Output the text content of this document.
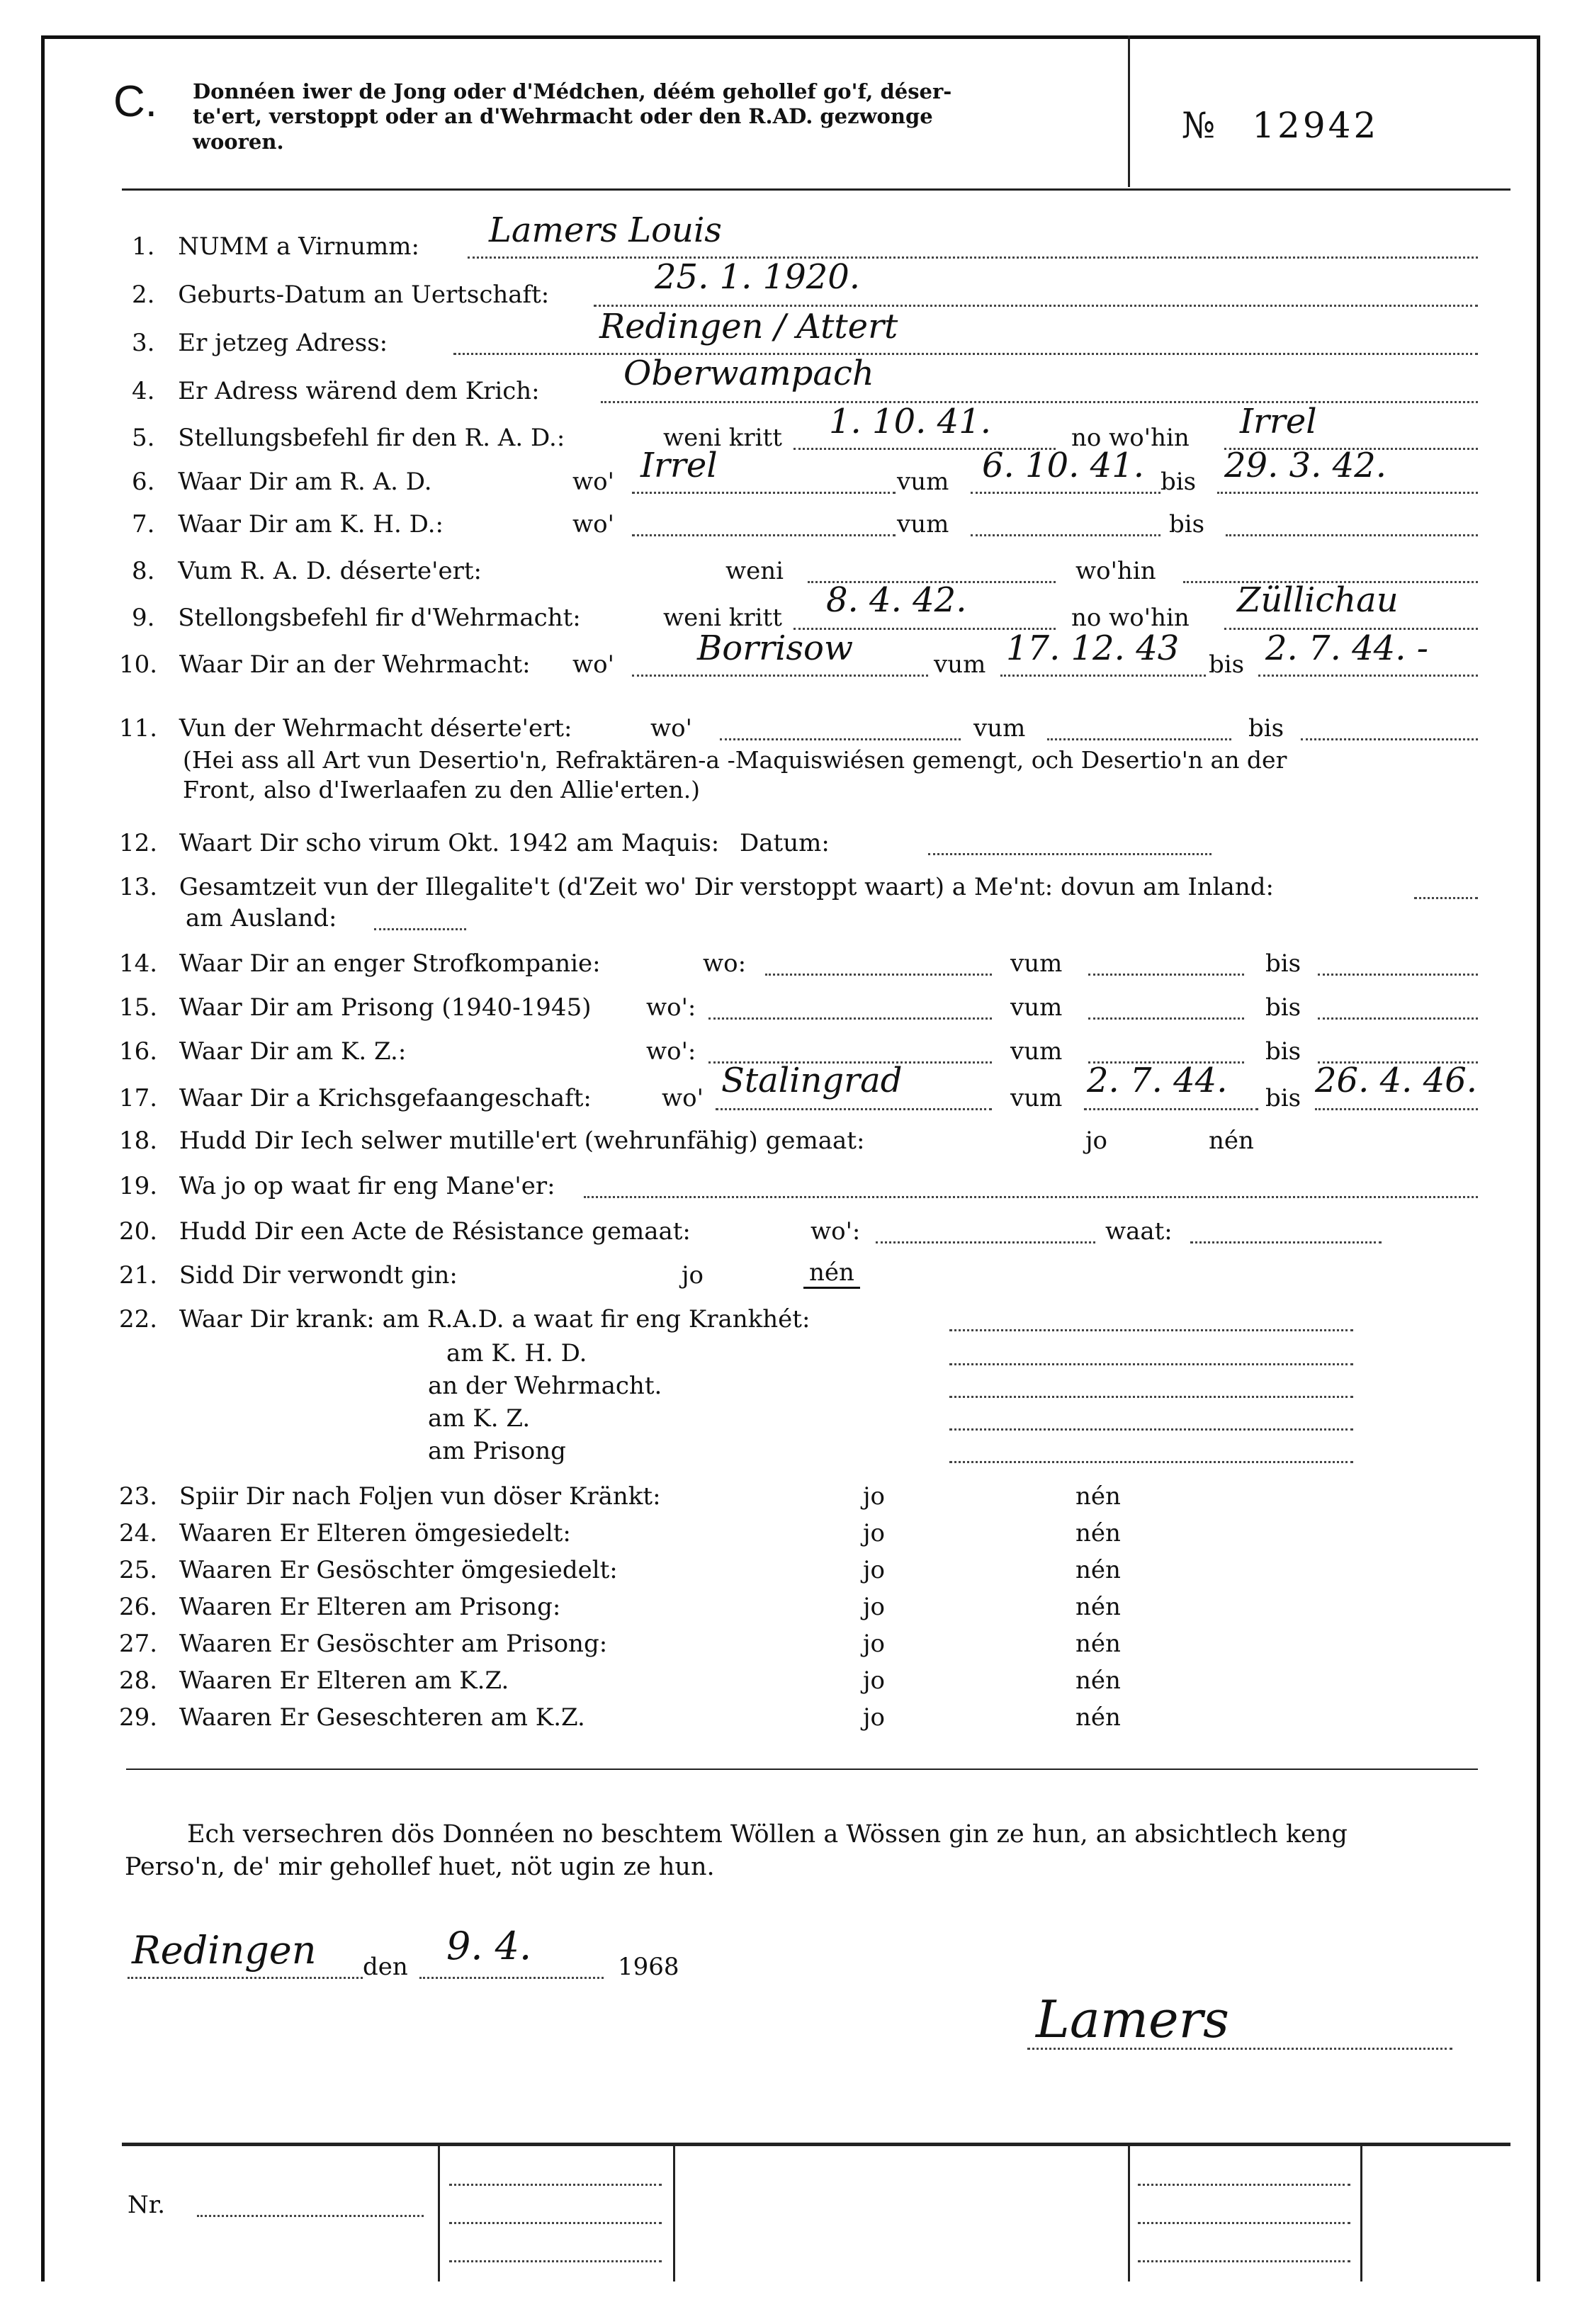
C. Donnéen iwer de Jong oder d'Médchen, déém gehollef go'f, déser-
te'ert, verstoppt oder an d'Wehrmacht oder den R.AD. gezwonge
wooren.	№ 12942
1. NUMM a Virnumm: Lamers Louis
2. Geburts-Datum an Uertschaft:	25. 1. 1920.
3. Er jetzeg Adress:	Redingen / Attert
4. Er Adress wärend dem Krich: Oberwampach
5. Stellungsbefehl fir den R. A. D.:	weni kritt 1. 10. 41.	no wo'hin Irrel
6. Waar Dir am R. A. D.	wo' Irrel	vum 6. 10. 41. bis 29. 3. 42.
7. Waar Dir am K. H. D.:	wo'	vum	bis
8. Vum R. A. D. déserte'ert:	weni	wo'hin
9. Stellongsbefehl fir d'Wehrmacht:	weni kritt 8. 4. 42.	no wo'hin Züllichau
10. Waar Dir an der Wehrmacht: wo' Borrisow	vum 17. 12. 43 bis 2. 7. 44. -
11. Vun der Wehrmacht déserte'ert:	wo'	vum	bis
(Hei ass all Art vun Desertio'n, Refraktären-a -Maquiswiésen gemengt, och Desertio'n an der
Front, also d'Iwerlaafen zu den Allie'erten.)
12. Waart Dir scho virum Okt. 1942 am Maquis: Datum:
13. Gesamtzeit vun der Illegalite't (d'Zeit wo' Dir verstoppt waart) a Me'nt: dovun am Inland:
am Ausland:
14. Waar Dir an enger Strofkompanie:	wo:	vum	bis
15. Waar Dir am Prisong (1940-1945) wo':	vum	bis
16. Waar Dir am K. Z.:	wo':	vum	bis
17. Waar Dir a Krichsgefaangeschaft:	wo' Stalingrad	vum 2. 7. 44. bis 26. 4. 46.
18. Hudd Dir Iech selwer mutille'ert (wehrunfähig) gemaat:	jo	nén
19. Wa jo op waat fir eng Mane'er:
20. Hudd Dir een Acte de Résistance gemaat:	wo':	waat:
21. Sidd Dir verwondt gin:	jo	nén
22. Waar Dir krank: am R.A.D. a waat fir eng Krankhét:
am K. H. D.
an der Wehrmacht.
am K. Z.
am Prisong
23. Spiir Dir nach Foljen vun döser Kränkt:	jo	nén
24. Waaren Er Elteren ömgesiedelt:	jo	nén
25. Waaren Er Gesöschter ömgesiedelt:	jo	nén
26. Waaren Er Elteren am Prisong:	jo	nén
27. Waaren Er Gesöschter am Prisong:	jo	nén
28. Waaren Er Elteren am K.Z.	jo	nén
29. Waaren Er Geseschteren am K.Z.	jo	nén
Ech versechren dös Donnéen no beschtem Wöllen a Wössen gin ze hun, an absichtlech keng
Perso'n, de' mir gehollef huet, nöt ugin ze hun.
Redingen den 9. 4.	1968
Lamers
Nr.
